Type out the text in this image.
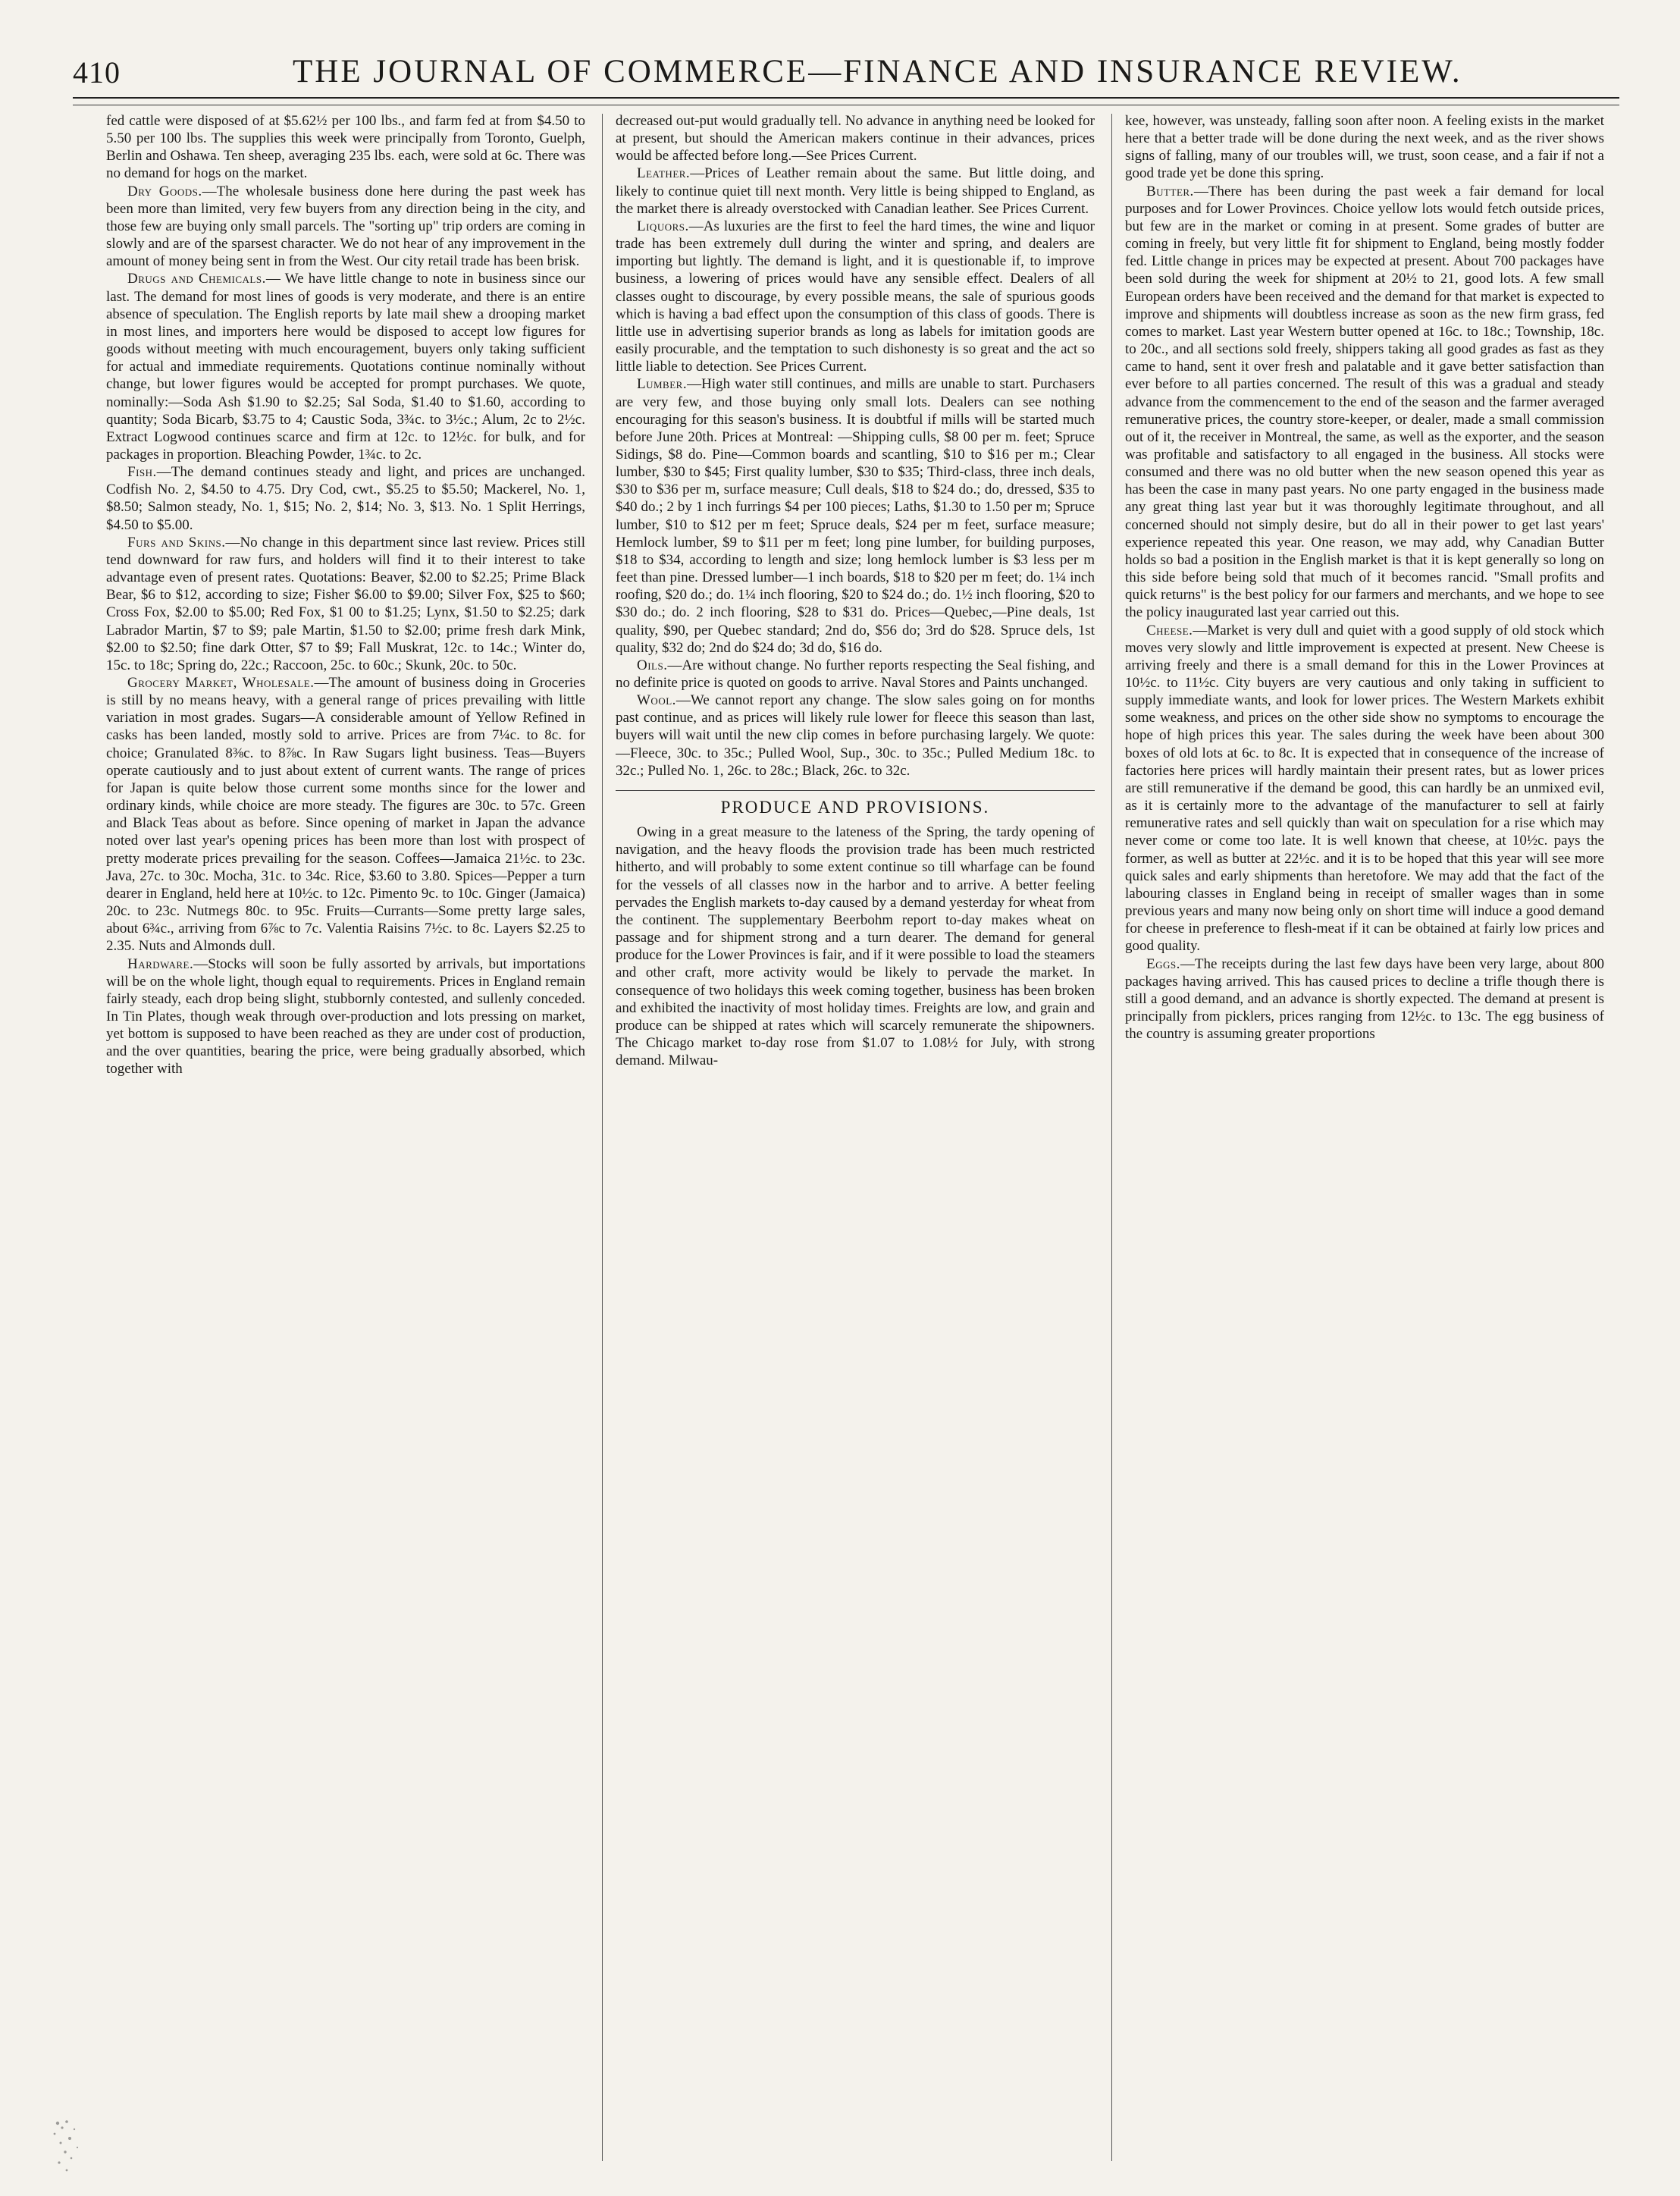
410	THE JOURNAL OF COMMERCE—FINANCE AND INSURANCE REVIEW.

fed cattle were disposed of at $5.62½ per 100 lbs., and farm fed at from $4.50 to 5.50 per 100 lbs. The supplies this week were principally from Toronto, Guelph, Berlin and Oshawa. Ten sheep, averaging 235 lbs. each, were sold at 6c. There was no demand for hogs on the market.

Dry Goods.—The wholesale business done here during the past week has been more than limited, very few buyers from any direction being in the city, and those few are buying only small parcels. The "sorting up" trip orders are coming in slowly and are of the sparsest character. We do not hear of any improvement in the amount of money being sent in from the West. Our city retail trade has been brisk.

Drugs and Chemicals.— We have little change to note in business since our last. The demand for most lines of goods is very moderate, and there is an entire absence of speculation. The English reports by late mail shew a drooping market in most lines, and importers here would be disposed to accept low figures for goods without meeting with much encouragement, buyers only taking sufficient for actual and immediate requirements. Quotations continue nominally without change, but lower figures would be accepted for prompt purchases. We quote, nominally:—Soda Ash $1.90 to $2.25; Sal Soda, $1.40 to $1.60, according to quantity; Soda Bicarb, $3.75 to 4; Caustic Soda, 3¾c. to 3½c.; Alum, 2c to 2½c. Extract Logwood continues scarce and firm at 12c. to 12½c. for bulk, and for packages in proportion. Bleaching Powder, 1¾c. to 2c.

Fish.—The demand continues steady and light, and prices are unchanged. Codfish No. 2, $4.50 to 4.75. Dry Cod, cwt., $5.25 to $5.50; Mackerel, No. 1, $8.50; Salmon steady, No. 1, $15; No. 2, $14; No. 3, $13. No. 1 Split Herrings, $4.50 to $5.00.

Furs and Skins.—No change in this department since last review. Prices still tend downward for raw furs, and holders will find it to their interest to take advantage even of present rates. Quotations: Beaver, $2.00 to $2.25; Prime Black Bear, $6 to $12, according to size; Fisher $6.00 to $9.00; Silver Fox, $25 to $60; Cross Fox, $2.00 to $5.00; Red Fox, $1 00 to $1.25; Lynx, $1.50 to $2.25; dark Labrador Martin, $7 to $9; pale Martin, $1.50 to $2.00; prime fresh dark Mink, $2.00 to $2.50; fine dark Otter, $7 to $9; Fall Muskrat, 12c. to 14c.; Winter do, 15c. to 18c; Spring do, 22c.; Raccoon, 25c. to 60c.; Skunk, 20c. to 50c.

Grocery Market, Wholesale.—The amount of business doing in Groceries is still by no means heavy, with a general range of prices prevailing with little variation in most grades. Sugars—A considerable amount of Yellow Refined in casks has been landed, mostly sold to arrive. Prices are from 7¼c. to 8c. for choice; Granulated 8⅜c. to 8⅞c. In Raw Sugars light business. Teas—Buyers operate cautiously and to just about extent of current wants. The range of prices for Japan is quite below those current some months since for the lower and ordinary kinds, while choice are more steady. The figures are 30c. to 57c. Green and Black Teas about as before. Since opening of market in Japan the advance noted over last year's opening prices has been more than lost with prospect of pretty moderate prices prevailing for the season. Coffees—Jamaica 21½c. to 23c. Java, 27c. to 30c. Mocha, 31c. to 34c. Rice, $3.60 to 3.80. Spices—Pepper a turn dearer in England, held here at 10½c. to 12c. Pimento 9c. to 10c. Ginger (Jamaica) 20c. to 23c. Nutmegs 80c. to 95c. Fruits—Currants—Some pretty large sales, about 6¾c., arriving from 6⅞c to 7c. Valentia Raisins 7½c. to 8c. Layers $2.25 to 2.35. Nuts and Almonds dull.

Hardware.—Stocks will soon be fully assorted by arrivals, but importations will be on the whole light, though equal to requirements. Prices in England remain fairly steady, each drop being slight, stubbornly contested, and sullenly conceded. In Tin Plates, though weak through over-production and lots pressing on market, yet bottom is supposed to have been reached as they are under cost of production, and the over quantities, bearing the price, were being gradually absorbed, which together with

decreased out-put would gradually tell. No advance in anything need be looked for at present, but should the American makers continue in their advances, prices would be affected before long.—See Prices Current.

Leather.—Prices of Leather remain about the same. But little doing, and likely to continue quiet till next month. Very little is being shipped to England, as the market there is already overstocked with Canadian leather. See Prices Current.

Liquors.—As luxuries are the first to feel the hard times, the wine and liquor trade has been extremely dull during the winter and spring, and dealers are importing but lightly. The demand is light, and it is questionable if, to improve business, a lowering of prices would have any sensible effect. Dealers of all classes ought to discourage, by every possible means, the sale of spurious goods which is having a bad effect upon the consumption of this class of goods. There is little use in advertising superior brands as long as labels for imitation goods are easily procurable, and the temptation to such dishonesty is so great and the act so little liable to detection. See Prices Current.

Lumber.—High water still continues, and mills are unable to start. Purchasers are very few, and those buying only small lots. Dealers can see nothing encouraging for this season's business. It is doubtful if mills will be started much before June 20th. Prices at Montreal: —Shipping culls, $8 00 per m. feet; Spruce Sidings, $8 do. Pine—Common boards and scantling, $10 to $16 per m.; Clear lumber, $30 to $45; First quality lumber, $30 to $35; Third-class, three inch deals, $30 to $36 per m, surface measure; Cull deals, $18 to $24 do.; do, dressed, $35 to $40 do.; 2 by 1 inch furrings $4 per 100 pieces; Laths, $1.30 to 1.50 per m; Spruce lumber, $10 to $12 per m feet; Spruce deals, $24 per m feet, surface measure; Hemlock lumber, $9 to $11 per m feet; long pine lumber, for building purposes, $18 to $34, according to length and size; long hemlock lumber is $3 less per m feet than pine. Dressed lumber—1 inch boards, $18 to $20 per m feet; do. 1¼ inch roofing, $20 do.; do. 1¼ inch flooring, $20 to $24 do.; do. 1½ inch flooring, $20 to $30 do.; do. 2 inch flooring, $28 to $31 do. Prices—Quebec,—Pine deals, 1st quality, $90, per Quebec standard; 2nd do, $56 do; 3rd do $28. Spruce dels, 1st quality, $32 do; 2nd do $24 do; 3d do, $16 do.

Oils.—Are without change. No further reports respecting the Seal fishing, and no definite price is quoted on goods to arrive. Naval Stores and Paints unchanged.

Wool.—We cannot report any change. The slow sales going on for months past continue, and as prices will likely rule lower for fleece this season than last, buyers will wait until the new clip comes in before purchasing largely. We quote:—Fleece, 30c. to 35c.; Pulled Wool, Sup., 30c. to 35c.; Pulled Medium 18c. to 32c.; Pulled No. 1, 26c. to 28c.; Black, 26c. to 32c.

PRODUCE AND PROVISIONS.

Owing in a great measure to the lateness of the Spring, the tardy opening of navigation, and the heavy floods the provision trade has been much restricted hitherto, and will probably to some extent continue so till wharfage can be found for the vessels of all classes now in the harbor and to arrive. A better feeling pervades the English markets to-day caused by a demand yesterday for wheat from the continent. The supplementary Beerbohm report to-day makes wheat on passage and for shipment strong and a turn dearer. The demand for general produce for the Lower Provinces is fair, and if it were possible to load the steamers and other craft, more activity would be likely to pervade the market. In consequence of two holidays this week coming together, business has been broken and exhibited the inactivity of most holiday times. Freights are low, and grain and produce can be shipped at rates which will scarcely remunerate the shipowners. The Chicago market to-day rose from $1.07 to 1.08½ for July, with strong demand. Milwau-

kee, however, was unsteady, falling soon after noon. A feeling exists in the market here that a better trade will be done during the next week, and as the river shows signs of falling, many of our troubles will, we trust, soon cease, and a fair if not a good trade yet be done this spring.

Butter.—There has been during the past week a fair demand for local purposes and for Lower Provinces. Choice yellow lots would fetch outside prices, but few are in the market or coming in at present. Some grades of butter are coming in freely, but very little fit for shipment to England, being mostly fodder fed. Little change in prices may be expected at present. About 700 packages have been sold during the week for shipment at 20½ to 21, good lots. A few small European orders have been received and the demand for that market is expected to improve and shipments will doubtless increase as soon as the new firm grass, fed comes to market. Last year Western butter opened at 16c. to 18c.; Township, 18c. to 20c., and all sections sold freely, shippers taking all good grades as fast as they came to hand, sent it over fresh and palatable and it gave better satisfaction than ever before to all parties concerned. The result of this was a gradual and steady advance from the commencement to the end of the season and the farmer averaged remunerative prices, the country store-keeper, or dealer, made a small commission out of it, the receiver in Montreal, the same, as well as the exporter, and the season was profitable and satisfactory to all engaged in the business. All stocks were consumed and there was no old butter when the new season opened this year as has been the case in many past years. No one party engaged in the business made any great thing last year but it was thoroughly legitimate throughout, and all concerned should not simply desire, but do all in their power to get last years' experience repeated this year. One reason, we may add, why Canadian Butter holds so bad a position in the English market is that it is kept generally so long on this side before being sold that much of it becomes rancid. "Small profits and quick returns" is the best policy for our farmers and merchants, and we hope to see the policy inaugurated last year carried out this.

Cheese.—Market is very dull and quiet with a good supply of old stock which moves very slowly and little improvement is expected at present. New Cheese is arriving freely and there is a small demand for this in the Lower Provinces at 10½c. to 11½c. City buyers are very cautious and only taking in sufficient to supply immediate wants, and look for lower prices. The Western Markets exhibit some weakness, and prices on the other side show no symptoms to encourage the hope of high prices this year. The sales during the week have been about 300 boxes of old lots at 6c. to 8c. It is expected that in consequence of the increase of factories here prices will hardly maintain their present rates, but as lower prices are still remunerative if the demand be good, this can hardly be an unmixed evil, as it is certainly more to the advantage of the manufacturer to sell at fairly remunerative rates and sell quickly than wait on speculation for a rise which may never come or come too late. It is well known that cheese, at 10½c. pays the former, as well as butter at 22½c. and it is to be hoped that this year will see more quick sales and early shipments than heretofore. We may add that the fact of the labouring classes in England being in receipt of smaller wages than in some previous years and many now being only on short time will induce a good demand for cheese in preference to flesh-meat if it can be obtained at fairly low prices and good quality.

Eggs.—The receipts during the last few days have been very large, about 800 packages having arrived. This has caused prices to decline a trifle though there is still a good demand, and an advance is shortly expected. The demand at present is principally from picklers, prices ranging from 12½c. to 13c. The egg business of the country is assuming greater proportions
